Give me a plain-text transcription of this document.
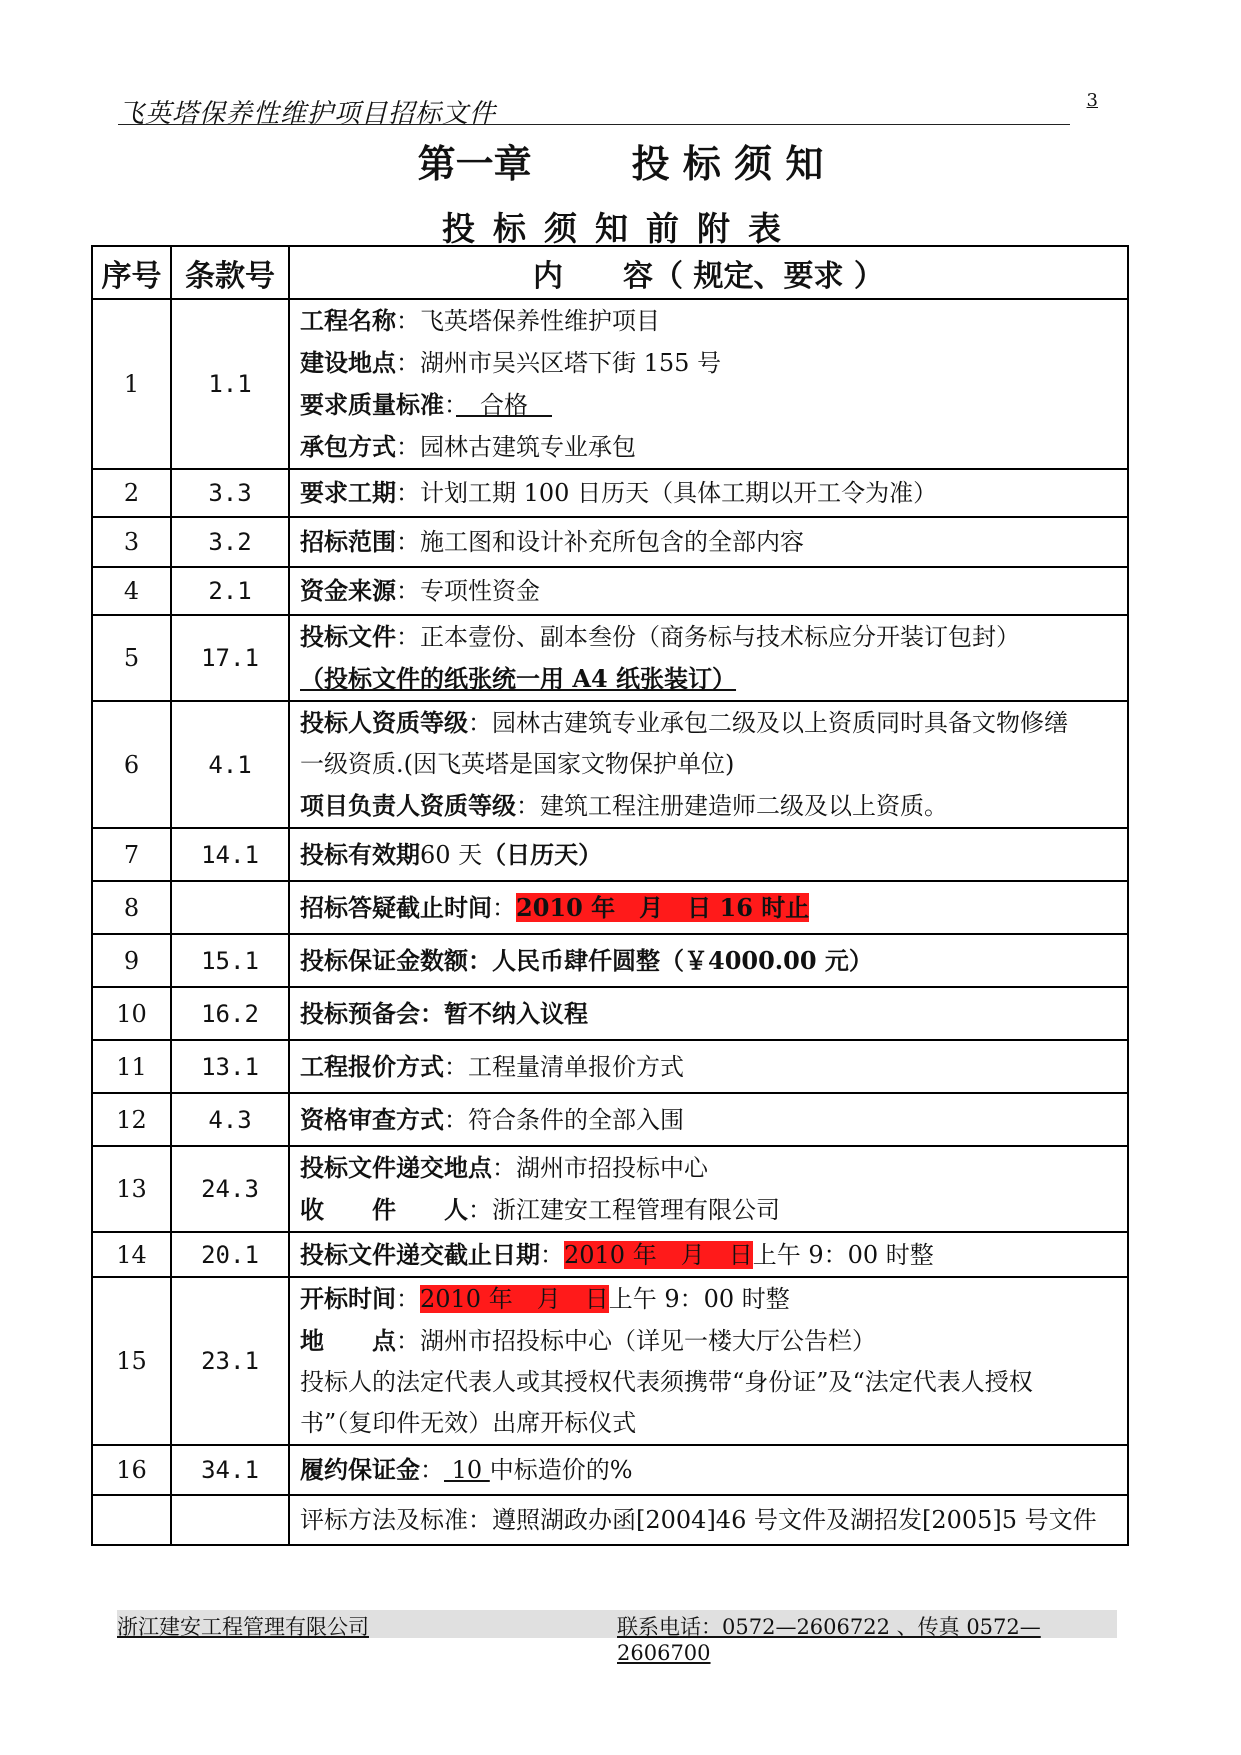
飞英塔保养性维护项目招标文件	3
第一章	投 标 须 知
投标须知前附表
序号	条款号	内　　容（ 规定、要求 ）
1	1.1	工程名称：飞英塔保养性维护项目
建设地点：湖州市吴兴区塔下街 155 号
要求质量标准：　合格　
承包方式：园林古建筑专业承包

2	3.3	要求工期：计划工期 100 日历天（具体工期以开工令为准）

3	3.2	招标范围：施工图和设计补充所包含的全部内容

4	2.1	资金来源：专项性资金

5	17.1	投标文件：正本壹份、副本叁份（商务标与技术标应分开装订包封）
（投标文件的纸张统一用 A4 纸张装订）

6	4.1	投标人资质等级：园林古建筑专业承包二级及以上资质同时具备文物修缮
一级资质.(因飞英塔是国家文物保护单位)
项目负责人资质等级：建筑工程注册建造师二级及以上资质。

7	14.1	投标有效期60 天（日历天）

8		招标答疑截止时间：2010 年　月　日 16 时止

9	15.1	投标保证金数额：人民币肆仟圆整（￥4000.00 元）

10	16.2	投标预备会：暂不纳入议程

11	13.1	工程报价方式：工程量清单报价方式

12	4.3	资格审查方式：符合条件的全部入围

13	24.3	投标文件递交地点：湖州市招投标中心
收　　件　　人：浙江建安工程管理有限公司

14	20.1	投标文件递交截止日期：2010 年　月　日上午 9：00 时整

15	23.1	开标时间：2010 年　月　日上午 9：00 时整
地　　点：湖州市招投标中心（详见一楼大厅公告栏）
投标人的法定代表人或其授权代表须携带“身份证”及“法定代表人授权
书”（复印件无效）出席开标仪式

16	34.1	履约保证金： 10 中标造价的%

		评标方法及标准：遵照湖政办函[2004]46 号文件及湖招发[2005]5 号文件
浙江建安工程管理有限公司	联系电话：0572—2606722 、传真 0572—2606700
